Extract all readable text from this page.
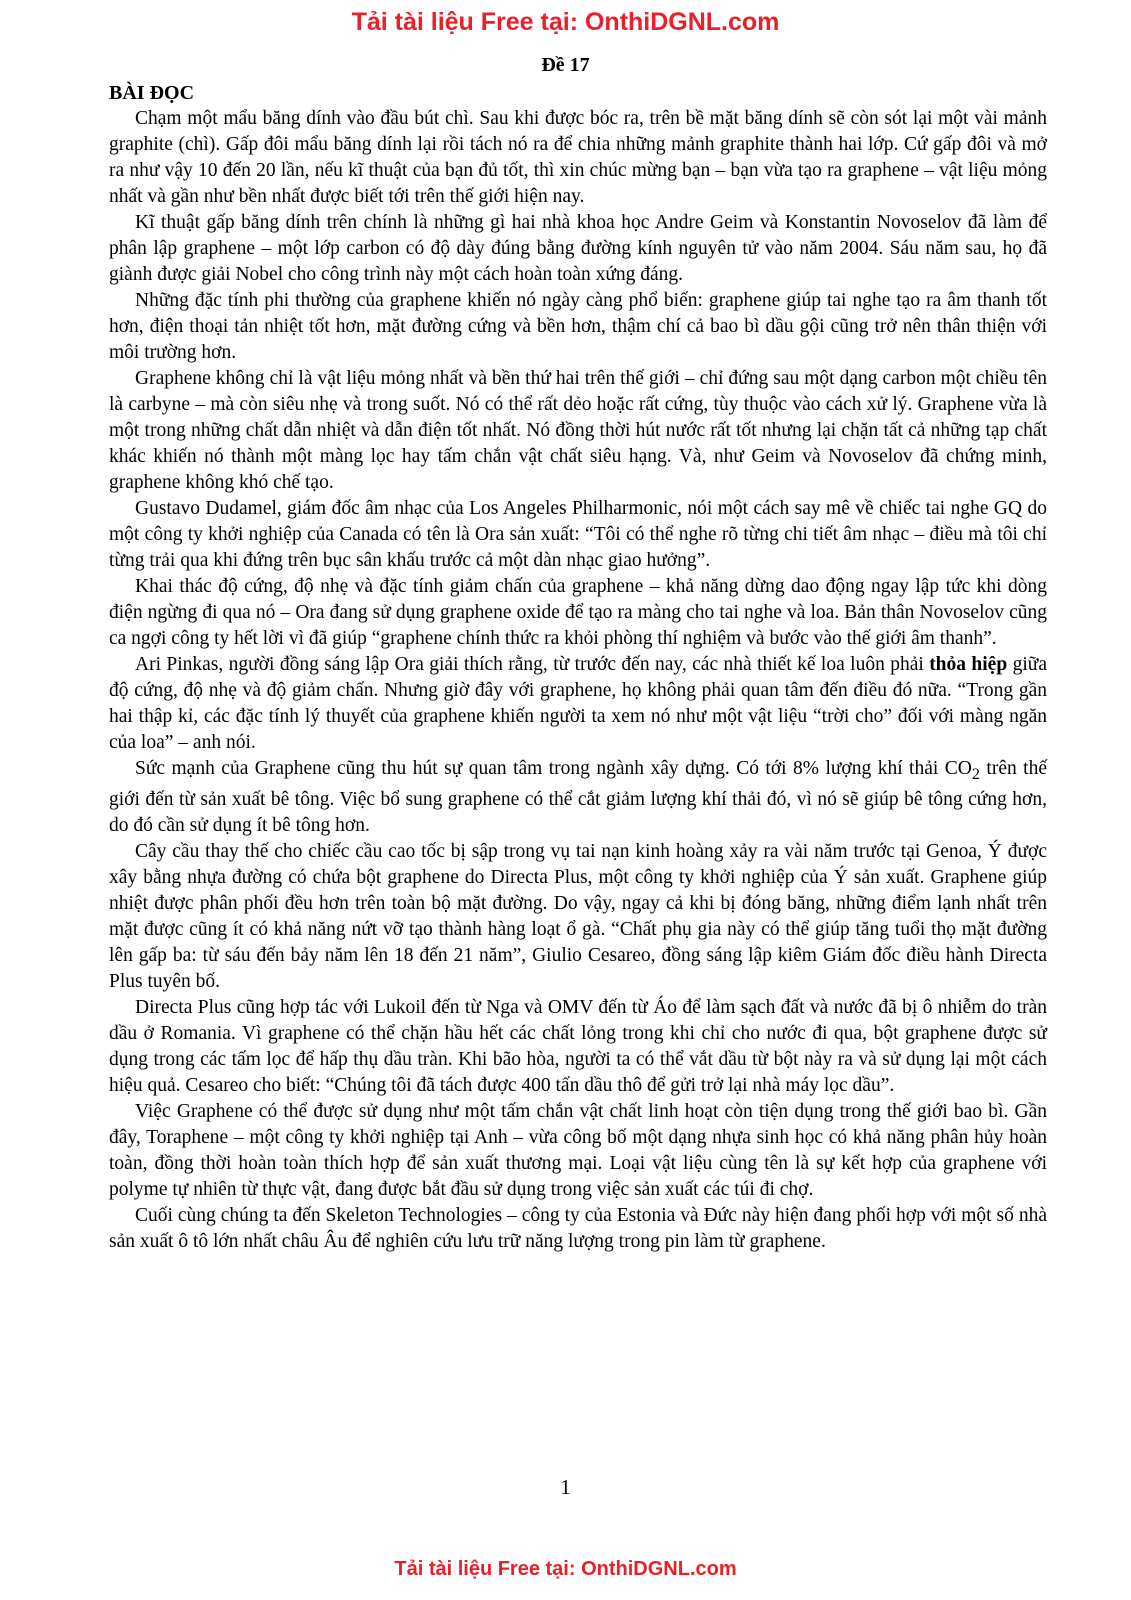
Tải tài liệu Free tại: OnthiDGNL.com
Đề 17
BÀI ĐỌC

Chạm một mẩu băng dính vào đầu bút chì. Sau khi được bóc ra, trên bề mặt băng dính sẽ còn sót lại một vài mảnh graphite (chì). Gấp đôi mẩu băng dính lại rồi tách nó ra để chia những mảnh graphite thành hai lớp. Cứ gấp đôi và mở ra như vậy 10 đến 20 lần, nếu kĩ thuật của bạn đủ tốt, thì xin chúc mừng bạn – bạn vừa tạo ra graphene – vật liệu mỏng nhất và gần như bền nhất được biết tới trên thế giới hiện nay.

Kĩ thuật gấp băng dính trên chính là những gì hai nhà khoa học Andre Geim và Konstantin Novoselov đã làm để phân lập graphene – một lớp carbon có độ dày đúng bằng đường kính nguyên tử vào năm 2004. Sáu năm sau, họ đã giành được giải Nobel cho công trình này một cách hoàn toàn xứng đáng.

Những đặc tính phi thường của graphene khiến nó ngày càng phổ biến: graphene giúp tai nghe tạo ra âm thanh tốt hơn, điện thoại tản nhiệt tốt hơn, mặt đường cứng và bền hơn, thậm chí cả bao bì dầu gội cũng trở nên thân thiện với môi trường hơn.

Graphene không chỉ là vật liệu mỏng nhất và bền thứ hai trên thế giới – chỉ đứng sau một dạng carbon một chiều tên là carbyne – mà còn siêu nhẹ và trong suốt. Nó có thể rất dẻo hoặc rất cứng, tùy thuộc vào cách xử lý. Graphene vừa là một trong những chất dẫn nhiệt và dẫn điện tốt nhất. Nó đồng thời hút nước rất tốt nhưng lại chặn tất cả những tạp chất khác khiến nó thành một màng lọc hay tấm chắn vật chất siêu hạng. Và, như Geim và Novoselov đã chứng minh, graphene không khó chế tạo.

Gustavo Dudamel, giám đốc âm nhạc của Los Angeles Philharmonic, nói một cách say mê về chiếc tai nghe GQ do một công ty khởi nghiệp của Canada có tên là Ora sản xuất: “Tôi có thể nghe rõ từng chi tiết âm nhạc – điều mà tôi chỉ từng trải qua khi đứng trên bục sân khấu trước cả một dàn nhạc giao hưởng”.

Khai thác độ cứng, độ nhẹ và đặc tính giảm chấn của graphene – khả năng dừng dao động ngay lập tức khi dòng điện ngừng đi qua nó – Ora đang sử dụng graphene oxide để tạo ra màng cho tai nghe và loa. Bản thân Novoselov cũng ca ngợi công ty hết lời vì đã giúp “graphene chính thức ra khỏi phòng thí nghiệm và bước vào thế giới âm thanh”.

Ari Pinkas, người đồng sáng lập Ora giải thích rằng, từ trước đến nay, các nhà thiết kế loa luôn phải thỏa hiệp giữa độ cứng, độ nhẹ và độ giảm chấn. Nhưng giờ đây với graphene, họ không phải quan tâm đến điều đó nữa. “Trong gần hai thập kỉ, các đặc tính lý thuyết của graphene khiến người ta xem nó như một vật liệu “trời cho” đối với màng ngăn của loa” – anh nói.

Sức mạnh của Graphene cũng thu hút sự quan tâm trong ngành xây dựng. Có tới 8% lượng khí thải $CO_2$ trên thế giới đến từ sản xuất bê tông. Việc bổ sung graphene có thể cắt giảm lượng khí thải đó, vì nó sẽ giúp bê tông cứng hơn, do đó cần sử dụng ít bê tông hơn.

Cây cầu thay thế cho chiếc cầu cao tốc bị sập trong vụ tai nạn kinh hoàng xảy ra vài năm trước tại Genoa, Ý được xây bằng nhựa đường có chứa bột graphene do Directa Plus, một công ty khởi nghiệp của Ý sản xuất. Graphene giúp nhiệt được phân phối đều hơn trên toàn bộ mặt đường. Do vậy, ngay cả khi bị đóng băng, những điểm lạnh nhất trên mặt được cũng ít có khả năng nứt vỡ tạo thành hàng loạt ổ gà. “Chất phụ gia này có thể giúp tăng tuổi thọ mặt đường lên gấp ba: từ sáu đến bảy năm lên 18 đến 21 năm”, Giulio Cesareo, đồng sáng lập kiêm Giám đốc điều hành Directa Plus tuyên bố.

Directa Plus cũng hợp tác với Lukoil đến từ Nga và OMV đến từ Áo để làm sạch đất và nước đã bị ô nhiễm do tràn dầu ở Romania. Vì graphene có thể chặn hầu hết các chất lỏng trong khi chỉ cho nước đi qua, bột graphene được sử dụng trong các tấm lọc để hấp thụ dầu tràn. Khi bão hòa, người ta có thể vắt dầu từ bột này ra và sử dụng lại một cách hiệu quả. Cesareo cho biết: “Chúng tôi đã tách được 400 tấn dầu thô để gửi trở lại nhà máy lọc dầu”.

Việc Graphene có thể được sử dụng như một tấm chắn vật chất linh hoạt còn tiện dụng trong thế giới bao bì. Gần đây, Toraphene – một công ty khởi nghiệp tại Anh – vừa công bố một dạng nhựa sinh học có khả năng phân hủy hoàn toàn, đồng thời hoàn toàn thích hợp để sản xuất thương mại. Loại vật liệu cùng tên là sự kết hợp của graphene với polyme tự nhiên từ thực vật, đang được bắt đầu sử dụng trong việc sản xuất các túi đi chợ.

Cuối cùng chúng ta đến Skeleton Technologies – công ty của Estonia và Đức này hiện đang phối hợp với một số nhà sản xuất ô tô lớn nhất châu Âu để nghiên cứu lưu trữ năng lượng trong pin làm từ graphene.

1
Tải tài liệu Free tại: OnthiDGNL.com
